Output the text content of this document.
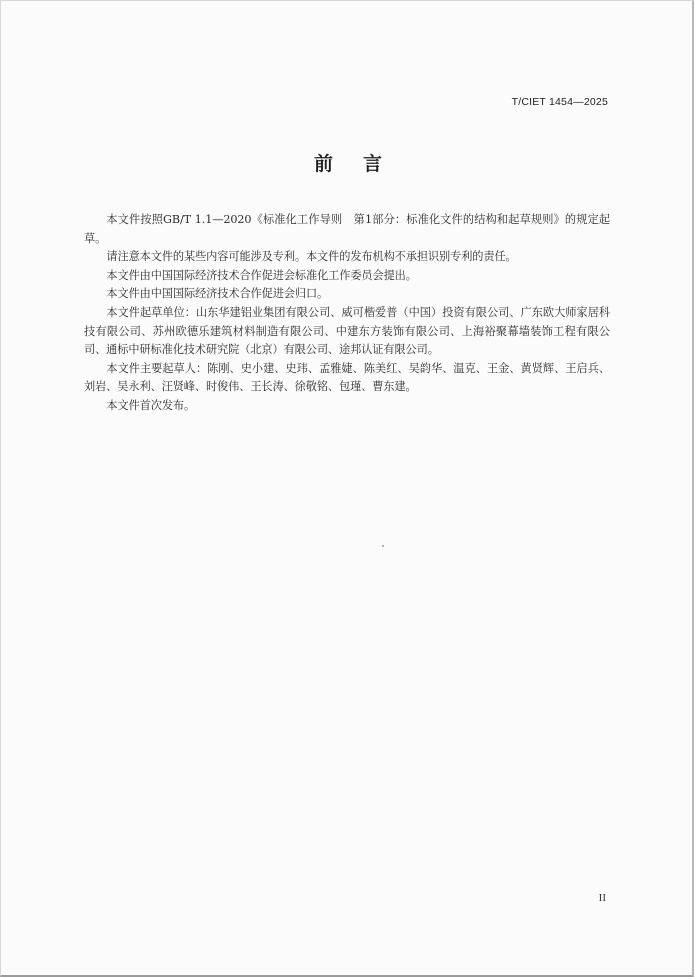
T/CIET 1454—2025
前言

本文件按照GB/T 1.1—2020《标准化工作导则　第1部分：标准化文件的结构和起草规则》的规定起草。

请注意本文件的某些内容可能涉及专利。本文件的发布机构不承担识别专利的责任。

本文件由中国国际经济技术合作促进会标准化工作委员会提出。

本文件由中国国际经济技术合作促进会归口。

本文件起草单位：山东华建铝业集团有限公司、威可楷爱普（中国）投资有限公司、广东欧大师家居科技有限公司、苏州欧德乐建筑材料制造有限公司、中建东方装饰有限公司、上海裕聚幕墙装饰工程有限公司、通标中研标准化技术研究院（北京）有限公司、途邦认证有限公司。

本文件主要起草人：陈刚、史小建、史玮、孟雅婕、陈美红、吴韵华、温克、王金、黄贤辉、王启兵、刘岩、吴永利、汪贤峰、时俊伟、王长涛、徐敬铭、包瑾、曹东建。

本文件首次发布。

II
